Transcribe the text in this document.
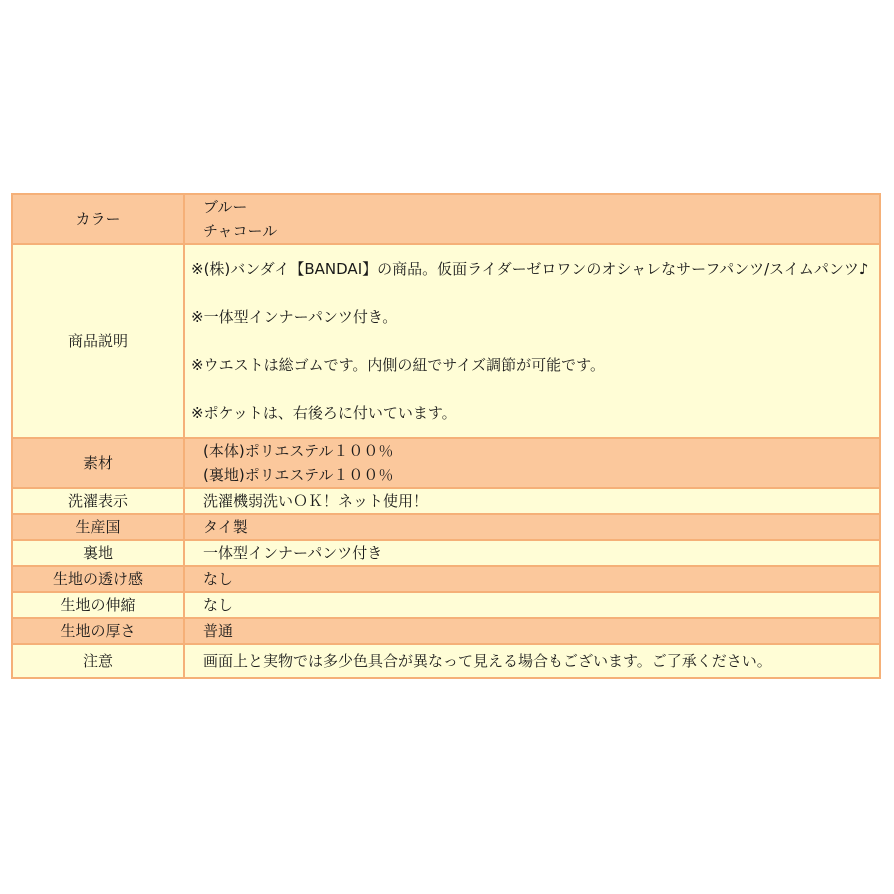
カラー	ブルー
チャコール

商品説明	※(株)バンダイ【BANDAI】の商品。仮面ライダーゼロワンのオシャレなサーフパンツ/スイムパンツ♪
※一体型インナーパンツ付き。
※ウエストは総ゴムです。内側の紐でサイズ調節が可能です。
※ポケットは、右後ろに付いています。

素材	(本体)ポリエステル１００％
(裏地)ポリエステル１００％

洗濯表示	洗濯機弱洗いＯＫ！ネット使用！

生産国	タイ製

裏地	一体型インナーパンツ付き

生地の透け感	なし

生地の伸縮	なし

生地の厚さ	普通

注意	画面上と実物では多少色具合が異なって見える場合もございます。ご了承ください。
